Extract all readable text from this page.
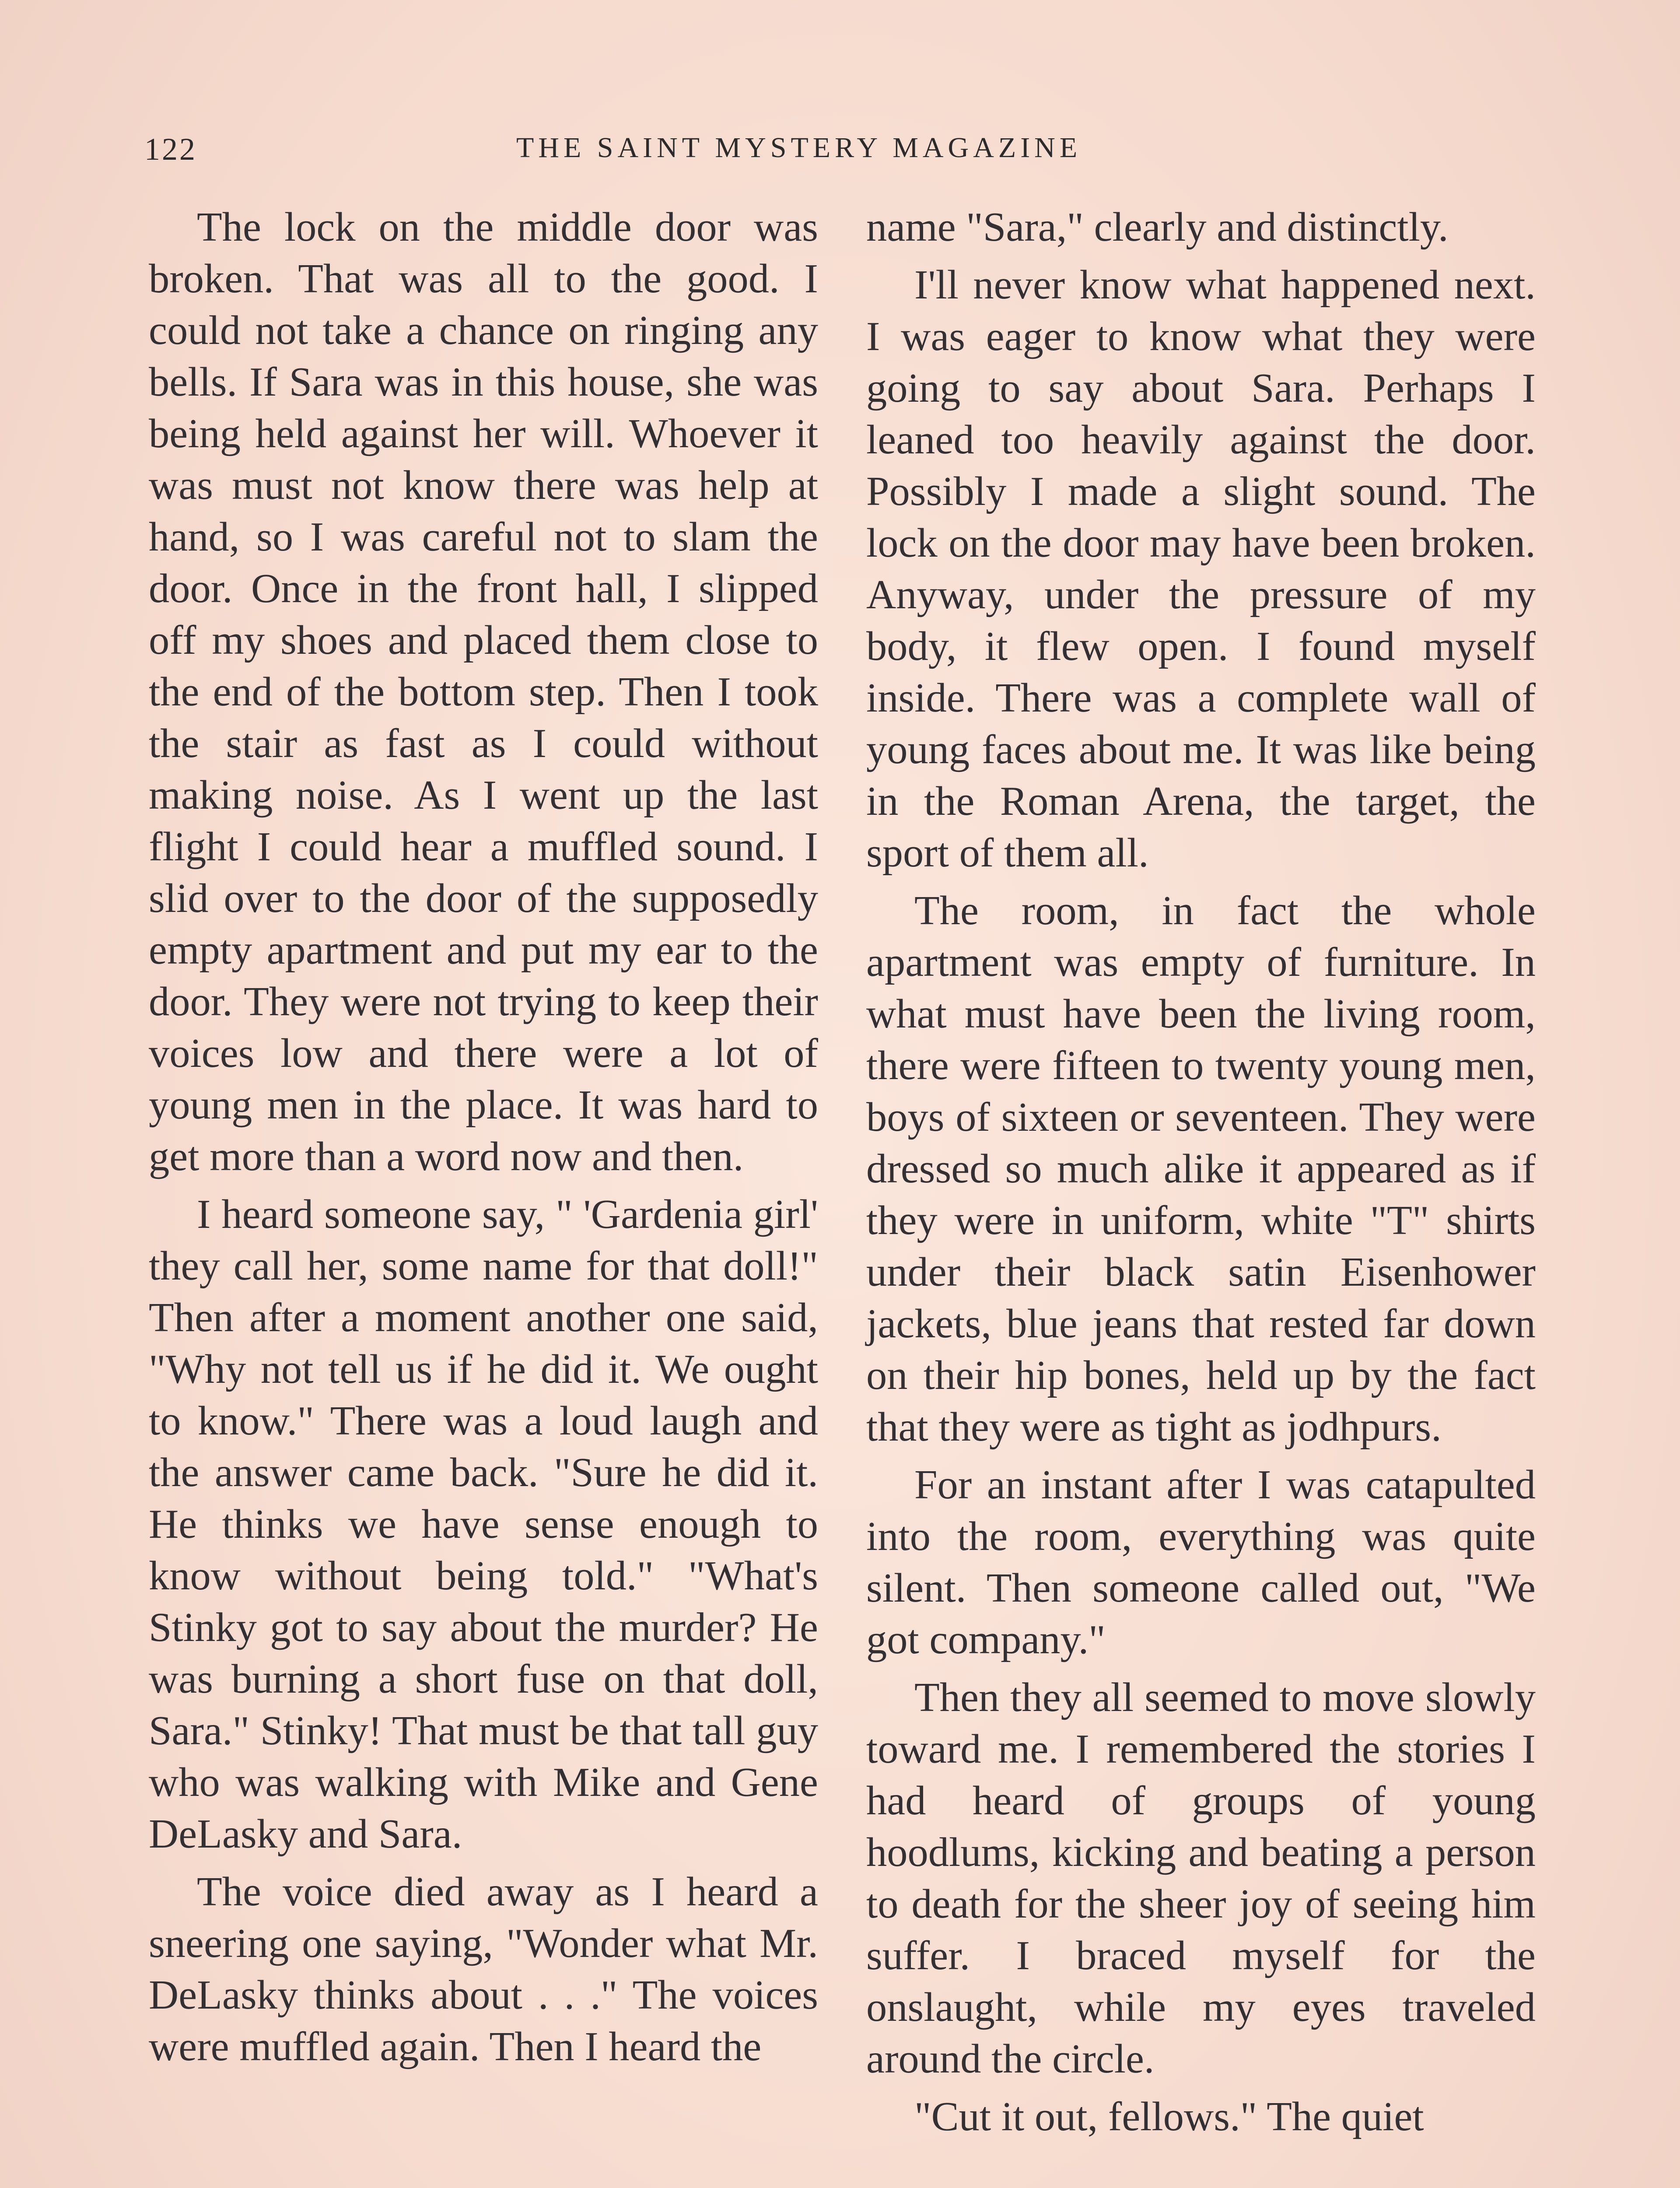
122	THE SAINT MYSTERY MAGAZINE

The lock on the middle door was broken. That was all to the good. I could not take a chance on ringing any bells. If Sara was in this house, she was being held against her will. Whoever it was must not know there was help at hand, so I was careful not to slam the door. Once in the front hall, I slipped off my shoes and placed them close to the end of the bottom step. Then I took the stair as fast as I could without making noise. As I went up the last flight I could hear a muffled sound. I slid over to the door of the supposedly empty apartment and put my ear to the door. They were not trying to keep their voices low and there were a lot of young men in the place. It was hard to get more than a word now and then.

I heard someone say, " 'Gardenia girl' they call her, some name for that doll!" Then after a moment another one said, "Why not tell us if he did it. We ought to know." There was a loud laugh and the answer came back. "Sure he did it. He thinks we have sense enough to know without being told." "What's Stinky got to say about the murder? He was burning a short fuse on that doll, Sara." Stinky! That must be that tall guy who was walking with Mike and Gene DeLasky and Sara.

The voice died away as I heard a sneering one saying, "Wonder what Mr. DeLasky thinks about . . ." The voices were muffled again. Then I heard the

name "Sara," clearly and distinctly.

I'll never know what happened next. I was eager to know what they were going to say about Sara. Perhaps I leaned too heavily against the door. Possibly I made a slight sound. The lock on the door may have been broken. Anyway, under the pressure of my body, it flew open. I found myself inside. There was a complete wall of young faces about me. It was like being in the Roman Arena, the target, the sport of them all.

The room, in fact the whole apartment was empty of furniture. In what must have been the living room, there were fifteen to twenty young men, boys of sixteen or seventeen. They were dressed so much alike it appeared as if they were in uniform, white "T" shirts under their black satin Eisenhower jackets, blue jeans that rested far down on their hip bones, held up by the fact that they were as tight as jodhpurs.

For an instant after I was catapulted into the room, everything was quite silent. Then someone called out, "We got company."

Then they all seemed to move slowly toward me. I remembered the stories I had heard of groups of young hoodlums, kicking and beating a person to death for the sheer joy of seeing him suffer. I braced myself for the onslaught, while my eyes traveled around the circle.

"Cut it out, fellows." The quiet
